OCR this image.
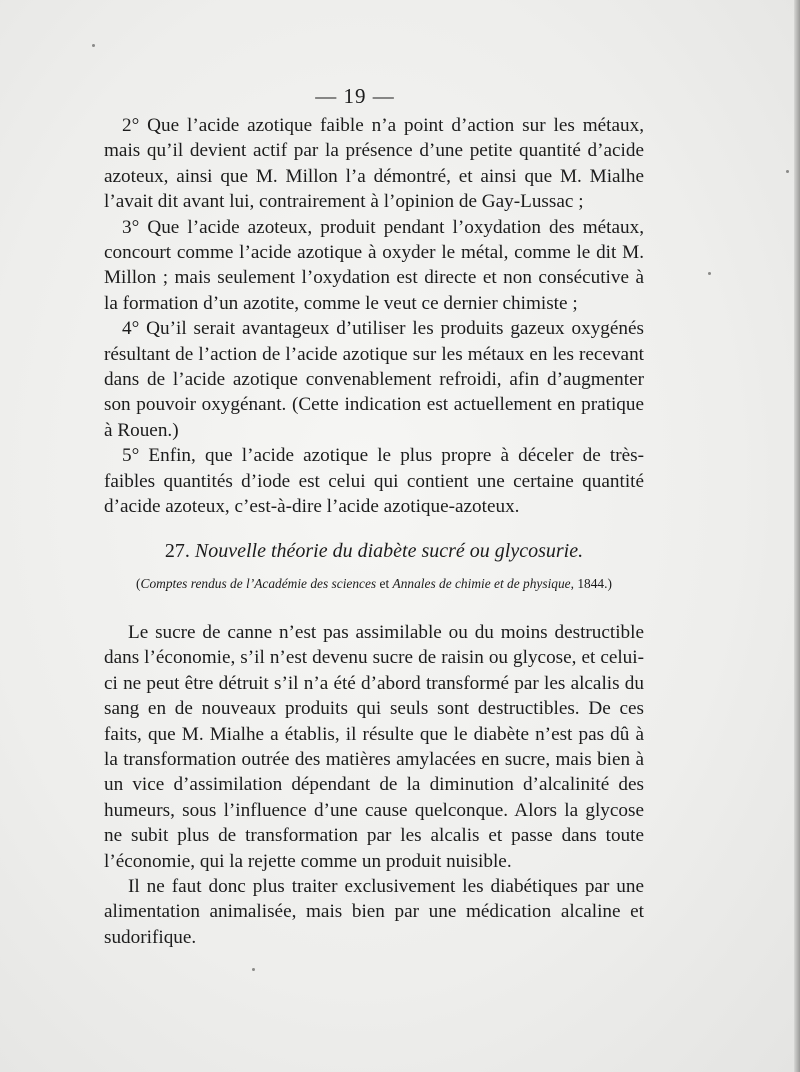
— 19 —

2° Que l’acide azotique faible n’a point d’action sur les métaux, mais qu’il devient actif par la présence d’une petite quantité d’acide azoteux, ainsi que M. Millon l’a démontré, et ainsi que M. Mialhe l’avait dit avant lui, contrairement à l’opinion de Gay-Lussac ;

3° Que l’acide azoteux, produit pendant l’oxydation des métaux, concourt comme l’acide azotique à oxyder le métal, comme le dit M. Millon ; mais seulement l’oxydation est directe et non consécutive à la formation d’un azotite, comme le veut ce dernier chimiste ;

4° Qu’il serait avantageux d’utiliser les produits gazeux oxygénés résultant de l’action de l’acide azotique sur les métaux en les recevant dans de l’acide azotique convenablement refroidi, afin d’augmenter son pouvoir oxygénant. (Cette indication est actuellement en pratique à Rouen.)

5° Enfin, que l’acide azotique le plus propre à déceler de très-faibles quantités d’iode est celui qui contient une certaine quantité d’acide azoteux, c’est-à-dire l’acide azotique-azoteux.

27. Nouvelle théorie du diabète sucré ou glycosurie.
(Comptes rendus de l’Académie des sciences et Annales de chimie et de physique, 1844.)

Le sucre de canne n’est pas assimilable ou du moins destructible dans l’économie, s’il n’est devenu sucre de raisin ou glycose, et celui-ci ne peut être détruit s’il n’a été d’abord transformé par les alcalis du sang en de nouveaux produits qui seuls sont destructibles. De ces faits, que M. Mialhe a établis, il résulte que le diabète n’est pas dû à la transformation outrée des matières amylacées en sucre, mais bien à un vice d’assimilation dépendant de la diminution d’alcalinité des humeurs, sous l’influence d’une cause quelconque. Alors la glycose ne subit plus de transformation par les alcalis et passe dans toute l’économie, qui la rejette comme un produit nuisible.

Il ne faut donc plus traiter exclusivement les diabétiques par une alimentation animalisée, mais bien par une médication alcaline et sudorifique.
